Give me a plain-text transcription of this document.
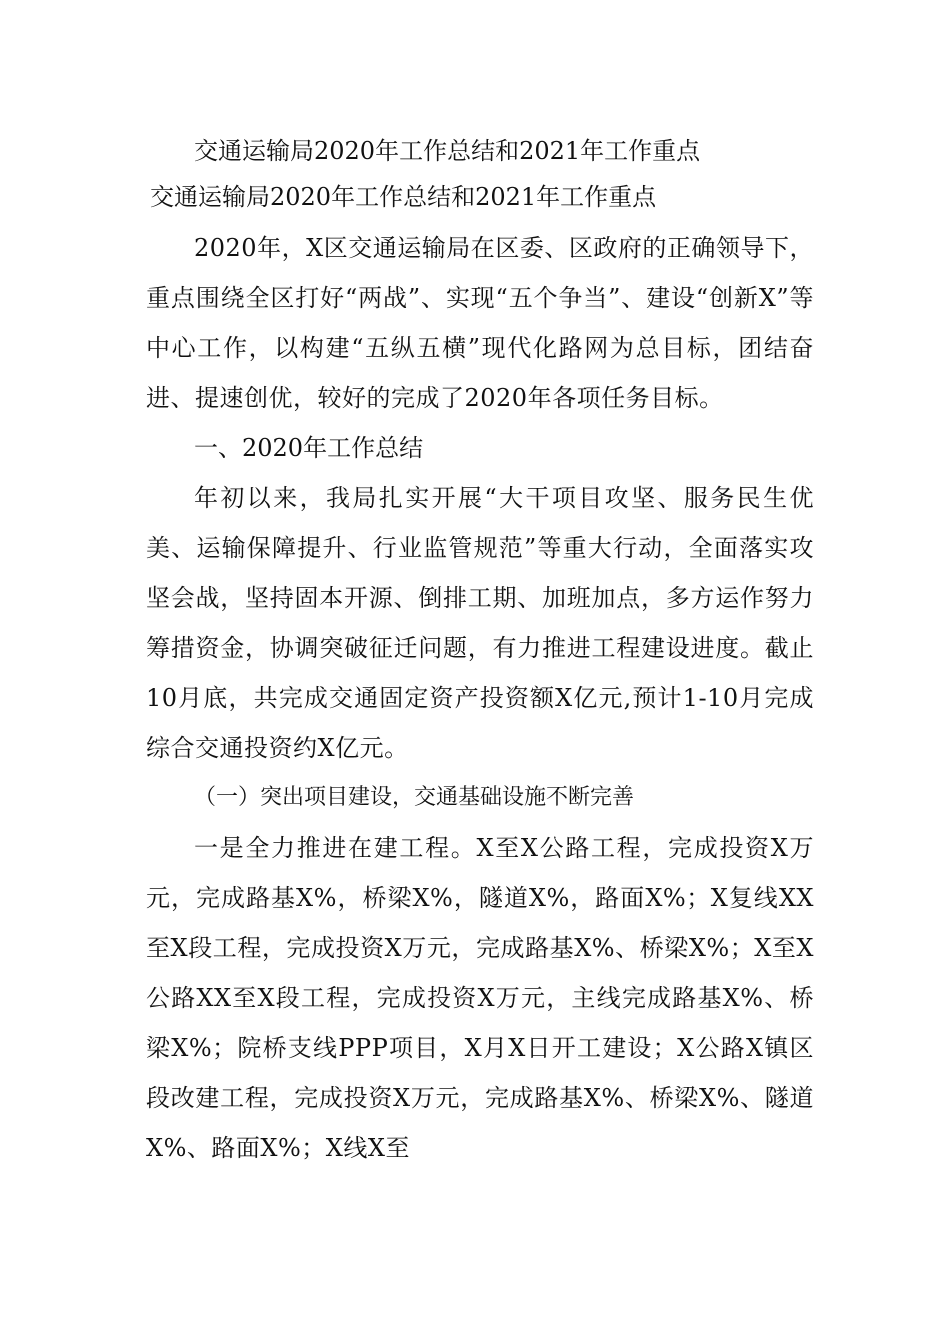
交通运输局2020年工作总结和2021年工作重点

交通运输局2020年工作总结和2021年工作重点

2020年，X区交通运输局在区委、区政府的正确领导下，重点围绕全区打好“两战”、实现“五个争当”、建设“创新X”等中心工作，以构建“五纵五横”现代化路网为总目标，团结奋进、提速创优，较好的完成了2020年各项任务目标。

一、2020年工作总结

年初以来，我局扎实开展“大干项目攻坚、服务民生优美、运输保障提升、行业监管规范”等重大行动，全面落实攻坚会战，坚持固本开源、倒排工期、加班加点，多方运作努力筹措资金，协调突破征迁问题，有力推进工程建设进度。截止10月底，共完成交通固定资产投资额X亿元,预计1-10月完成综合交通投资约X亿元。

（一）突出项目建设，交通基础设施不断完善

一是全力推进在建工程。X至X公路工程，完成投资X万元，完成路基X%，桥梁X%，隧道X%，路面X%；X复线XX至X段工程，完成投资X万元，完成路基X%、桥梁X%；X至X公路XX至X段工程，完成投资X万元，主线完成路基X%、桥梁X%；院桥支线PPP项目，X月X日开工建设；X公路X镇区段改建工程，完成投资X万元，完成路基X%、桥梁X%、隧道X%、路面X%；X线X至
